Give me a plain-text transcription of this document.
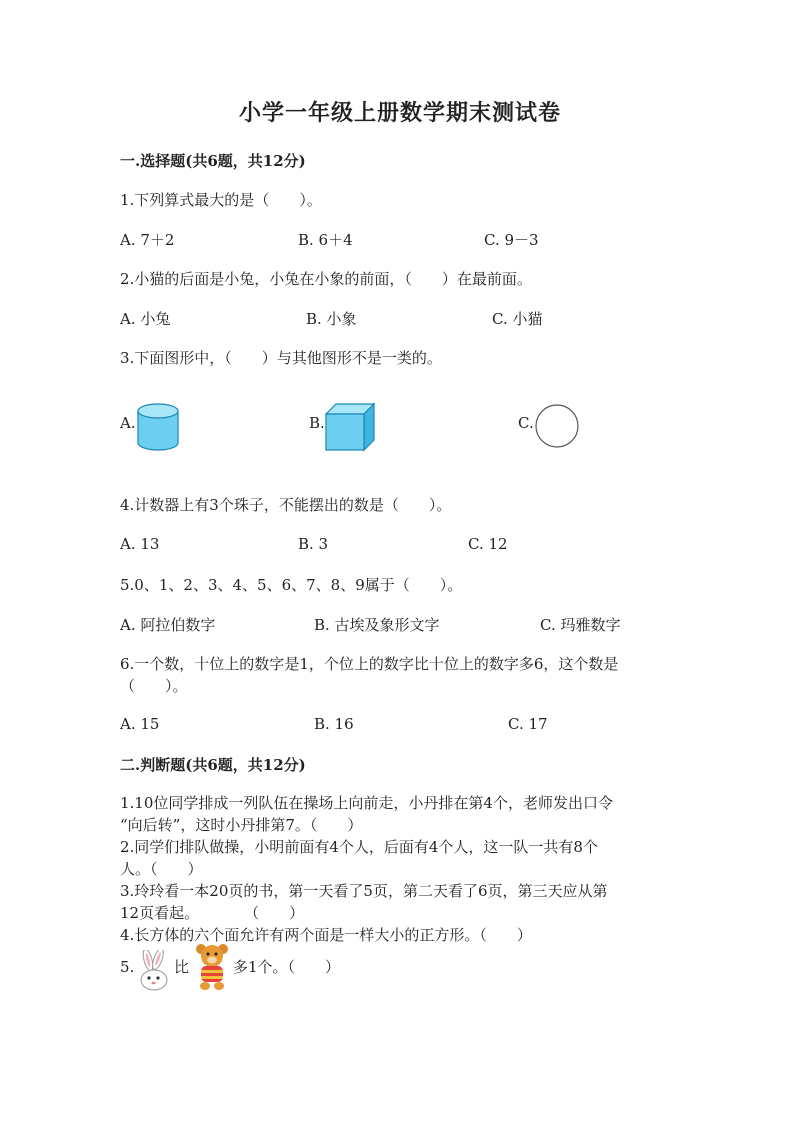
小学一年级上册数学期末测试卷
一.选择题(共6题，共12分)
1.下列算式最大的是（　　）。
A. 7＋2	B. 6＋4	C. 9－3
2.小猫的后面是小兔，小兔在小象的前面，（　　）在最前面。
A. 小兔	B. 小象	C. 小猫
3.下面图形中，（　　）与其他图形不是一类的。
A.	B.	C.
4.计数器上有3个珠子，不能摆出的数是（　　）。
A. 13	B. 3	C. 12
5.0、1、2、3、4、5、6、7、8、9属于（　　）。
A. 阿拉伯数字	B. 古埃及象形文字	C. 玛雅数字
6.一个数，十位上的数字是1，个位上的数字比十位上的数字多6，这个数是
（　　）。
A. 15	B. 16	C. 17
二.判断题(共6题，共12分)
1.10位同学排成一列队伍在操场上向前走，小丹排在第4个，老师发出口令
“向后转”，这时小丹排第7。（　　）
2.同学们排队做操，小明前面有4个人，后面有4个人，这一队一共有8个
人。（　　）
3.玲玲看一本20页的书，第一天看了5页，第二天看了6页，第三天应从第
12页看起。　　　　（　　）
4.长方体的六个面允许有两个面是一样大小的正方形。（　　）
5.	比	多1个。（　　）
